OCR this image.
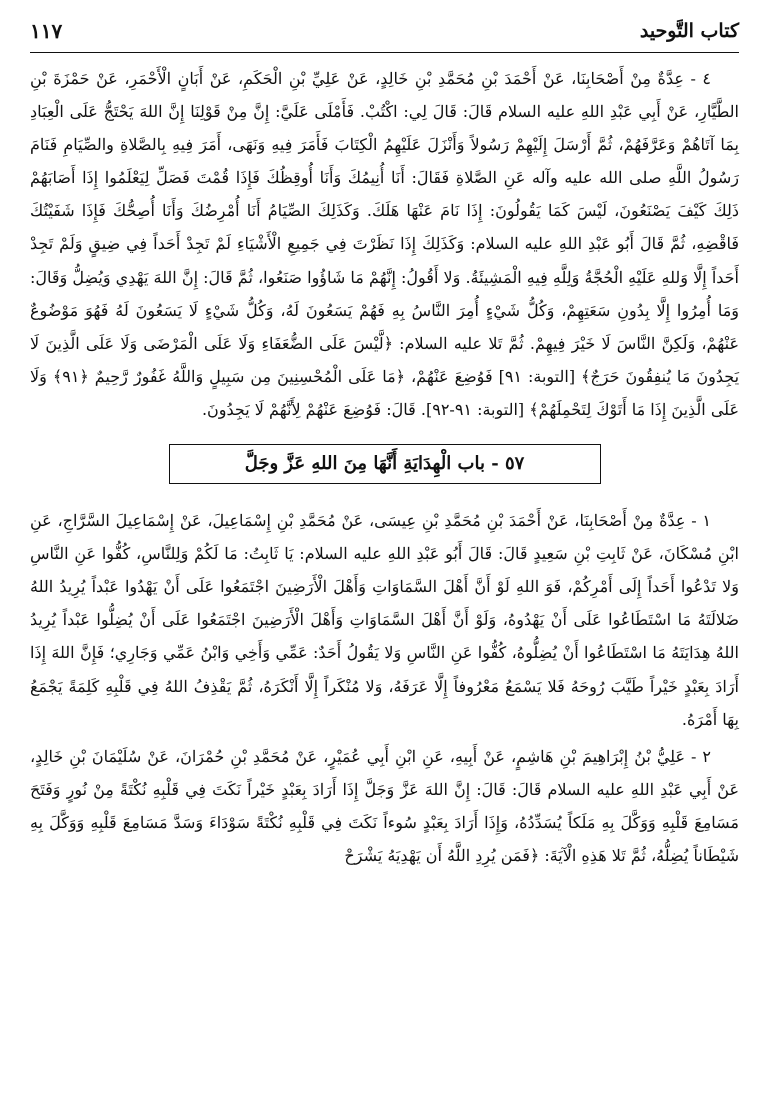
كتاب التَّوحيد
١١٧

٤ - عِدَّةٌ مِنْ أَصْحَابِنَا، عَنْ أَحْمَدَ بْنِ مُحَمَّدِ بْنِ خَالِدٍ، عَنْ عَلِيِّ بْنِ الْحَكَمِ، عَنْ أَبَانٍ الْأَحْمَرِ، عَنْ حَمْزَةَ بْنِ الطَّيَّارِ، عَنْ أَبِي عَبْدِ اللهِ عليه السلام قَالَ: قَالَ لِي: اكْتُبْ. فَأَمْلَى عَلَيَّ: إِنَّ مِنْ قَوْلِنَا إِنَّ اللهَ يَحْتَجُّ عَلَى الْعِبَادِ بِمَا آتَاهُمْ وَعَرَّفَهُمْ، ثُمَّ أَرْسَلَ إِلَيْهِمْ رَسُولاً وَأَنْزَلَ عَلَيْهِمُ الْكِتَابَ فَأَمَرَ فِيهِ وَنَهَى، أَمَرَ فِيهِ بِالصَّلاةِ والصِّيَامِ فَنَامَ رَسُولُ اللَّهِ صلى الله عليه وآله عَنِ الصَّلاةِ فَقَالَ: أَنَا أُنِيمُكَ وَأَنَا أُوقِظُكَ فَإِذَا قُمْتَ فَصَلِّ لِيَعْلَمُوا إِذَا أَصَابَهُمْ ذَلِكَ كَيْفَ يَصْنَعُونَ، لَيْسَ كَمَا يَقُولُونَ: إِذَا نَامَ عَنْهَا هَلَكَ. وَكَذَلِكَ الصِّيَامُ أَنَا أُمْرِضُكَ وَأَنَا أُصِحُّكَ فَإِذَا شَفَيْتُكَ فَاقْضِهِ، ثُمَّ قَالَ أَبُو عَبْدِ اللهِ عليه السلام: وَكَذَلِكَ إِذَا نَظَرْتَ فِي جَمِيعِ الْأَشْيَاءِ لَمْ تَجِدْ أَحَداً فِي ضِيقٍ وَلَمْ تَجِدْ أَحَداً إِلَّا وَللهِ عَلَيْهِ الْحُجَّةُ وَلِلَّهِ فِيهِ الْمَشِيئَةُ. وَلا أَقُولُ: إِنَّهُمْ مَا شَاؤُوا صَنَعُوا، ثُمَّ قَالَ: إِنَّ اللهَ يَهْدِي وَيُضِلُّ وَقَالَ: وَمَا أُمِرُوا إِلَّا بِدُونِ سَعَتِهِمْ، وَكُلُّ شَيْءٍ أُمِرَ النَّاسُ بِهِ فَهُمْ يَسَعُونَ لَهُ، وَكُلُّ شَيْءٍ لَا يَسَعُونَ لَهُ فَهُوَ مَوْضُوعٌ عَنْهُمْ، وَلَكِنَّ النَّاسَ لَا خَيْرَ فِيهِمْ. ثُمَّ تَلا عليه السلام: ﴿لَّيْسَ عَلَى الضُّعَفَاءِ وَلَا عَلَى الْمَرْضَى وَلَا عَلَى الَّذِينَ لَا يَجِدُونَ مَا يُنفِقُونَ حَرَجٌ﴾ [التوبة: ٩١] فَوُضِعَ عَنْهُمْ، ﴿مَا عَلَى الْمُحْسِنِينَ مِن سَبِيلٍ وَاللَّهُ غَفُورٌ رَّحِيمٌ ﴿٩١﴾ وَلَا عَلَى الَّذِينَ إِذَا مَا أَتَوْكَ لِتَحْمِلَهُمْ﴾ [التوبة: ٩١-٩٢]. قَالَ: فَوُضِعَ عَنْهُمْ لِأَنَّهُمْ لَا يَجِدُونَ.

٥٧ - باب الْهِدَايَةِ أَنَّهَا مِنَ اللهِ عَزَّ وجَلَّ

١ - عِدَّةٌ مِنْ أَصْحَابِنَا، عَنْ أَحْمَدَ بْنِ مُحَمَّدِ بْنِ عِيسَى، عَنْ مُحَمَّدِ بْنِ إِسْمَاعِيلَ، عَنْ إِسْمَاعِيلَ السَّرَّاجِ، عَنِ ابْنِ مُسْكَانَ، عَنْ ثَابِتِ بْنِ سَعِيدٍ قَالَ: قَالَ أَبُو عَبْدِ اللهِ عليه السلام: يَا ثَابِتُ: مَا لَكُمْ وَلِلنَّاسِ، كُفُّوا عَنِ النَّاسِ وَلا تَدْعُوا أَحَداً إِلَى أَمْرِكُمْ، فَوَ اللهِ لَوْ أَنَّ أَهْلَ السَّمَاوَاتِ وَأَهْلَ الْأَرَضِينَ اجْتَمَعُوا عَلَى أَنْ يَهْدُوا عَبْداً يُرِيدُ اللهُ ضَلالَتَهُ مَا اسْتَطَاعُوا عَلَى أَنْ يَهْدُوهُ، وَلَوْ أَنَّ أَهْلَ السَّمَاوَاتِ وَأَهْلَ الْأَرَضِينَ اجْتَمَعُوا عَلَى أَنْ يُضِلُّوا عَبْداً يُرِيدُ اللهُ هِدَايَتَهُ مَا اسْتَطَاعُوا أَنْ يُضِلُّوهُ، كُفُّوا عَنِ النَّاسِ وَلا يَقُولُ أَحَدٌ: عَمِّي وَأَخِي وَابْنُ عَمِّي وَجَارِي؛ فَإِنَّ اللهَ إِذَا أَرَادَ بِعَبْدٍ خَيْراً طَيَّبَ رُوحَهُ فَلا يَسْمَعُ مَعْرُوفاً إِلَّا عَرَفَهُ، وَلا مُنْكَراً إِلَّا أَنْكَرَهُ، ثُمَّ يَقْذِفُ اللهُ فِي قَلْبِهِ كَلِمَةً يَجْمَعُ بِهَا أَمْرَهُ.

٢ - عَلِيُّ بْنُ إِبْرَاهِيمَ بْنِ هَاشِمٍ، عَنْ أَبِيهِ، عَنِ ابْنِ أَبِي عُمَيْرٍ، عَنْ مُحَمَّدِ بْنِ حُمْرَانَ، عَنْ سُلَيْمَانَ بْنِ خَالِدٍ، عَنْ أَبِي عَبْدِ اللهِ عليه السلام قَالَ: قَالَ: إِنَّ اللهَ عَزَّ وَجَلَّ إِذَا أَرَادَ بِعَبْدٍ خَيْراً نَكَتَ فِي قَلْبِهِ نُكْتَةً مِنْ نُورٍ وَفَتَحَ مَسَامِعَ قَلْبِهِ وَوَكَّلَ بِهِ مَلَكاً يُسَدِّدُهُ، وَإِذَا أَرَادَ بِعَبْدٍ سُوءاً نَكَتَ فِي قَلْبِهِ نُكْتَةً سَوْدَاءَ وَسَدَّ مَسَامِعَ قَلْبِهِ وَوَكَّلَ بِهِ شَيْطَاناً يُضِلُّهُ، ثُمَّ تَلا هَذِهِ الْآيَةَ: ﴿فَمَن يُرِدِ اللَّهُ أَن يَهْدِيَهُ يَشْرَحْ
